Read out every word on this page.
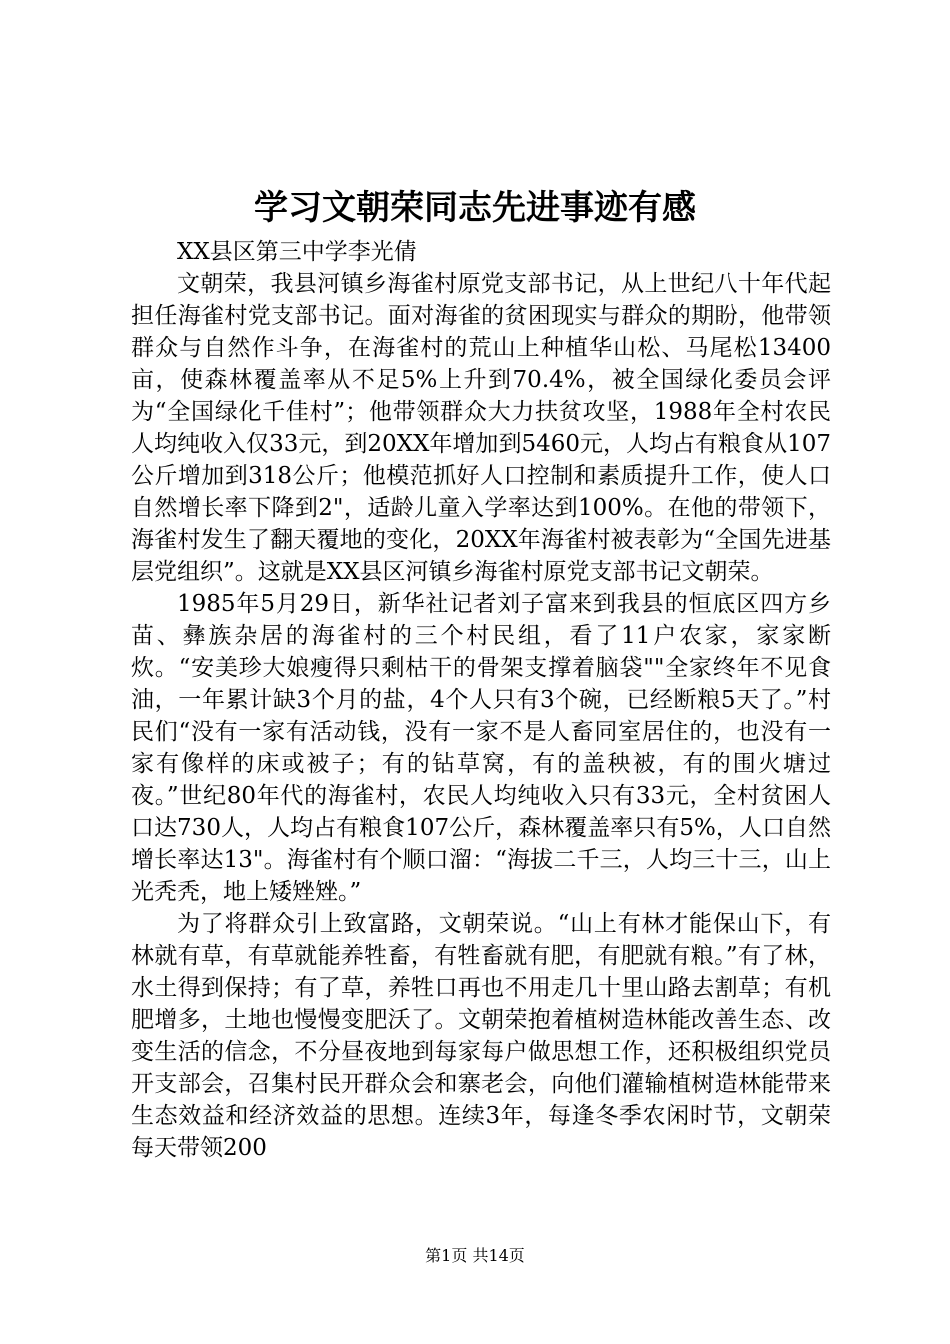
学习文朝荣同志先进事迹有感

XX县区第三中学李光倩

文朝荣，我县河镇乡海雀村原党支部书记，从上世纪八十年代起担任海雀村党支部书记。面对海雀的贫困现实与群众的期盼，他带领群众与自然作斗争，在海雀村的荒山上种植华山松、马尾松13400亩，使森林覆盖率从不足5%上升到70.4%，被全国绿化委员会评为“全国绿化千佳村”；他带领群众大力扶贫攻坚，1988年全村农民人均纯收入仅33元，到20XX年增加到5460元，人均占有粮食从107公斤增加到318公斤；他模范抓好人口控制和素质提升工作，使人口自然增长率下降到2"，适龄儿童入学率达到100%。在他的带领下，海雀村发生了翻天覆地的变化，20XX年海雀村被表彰为“全国先进基层党组织”。这就是XX县区河镇乡海雀村原党支部书记文朝荣。

1985年5月29日，新华社记者刘子富来到我县的恒底区四方乡苗、彝族杂居的海雀村的三个村民组，看了11户农家，家家断炊。“安美珍大娘瘦得只剩枯干的骨架支撑着脑袋""全家终年不见食油，一年累计缺3个月的盐，4个人只有3个碗，已经断粮5天了。”村民们“没有一家有活动钱，没有一家不是人畜同室居住的，也没有一家有像样的床或被子；有的钻草窝，有的盖秧被，有的围火塘过夜。”世纪80年代的海雀村，农民人均纯收入只有33元，全村贫困人口达730人，人均占有粮食107公斤，森林覆盖率只有5%，人口自然增长率达13"。海雀村有个顺口溜：“海拔二千三，人均三十三，山上光秃秃，地上矮矬矬。”

为了将群众引上致富路，文朝荣说。“山上有林才能保山下，有林就有草，有草就能养牲畜，有牲畜就有肥，有肥就有粮。”有了林，水土得到保持；有了草，养牲口再也不用走几十里山路去割草；有机肥增多，土地也慢慢变肥沃了。文朝荣抱着植树造林能改善生态、改变生活的信念，不分昼夜地到每家每户做思想工作，还积极组织党员开支部会，召集村民开群众会和寨老会，向他们灌输植树造林能带来生态效益和经济效益的思想。连续3年，每逢冬季农闲时节，文朝荣每天带领200

第1页 共14页
